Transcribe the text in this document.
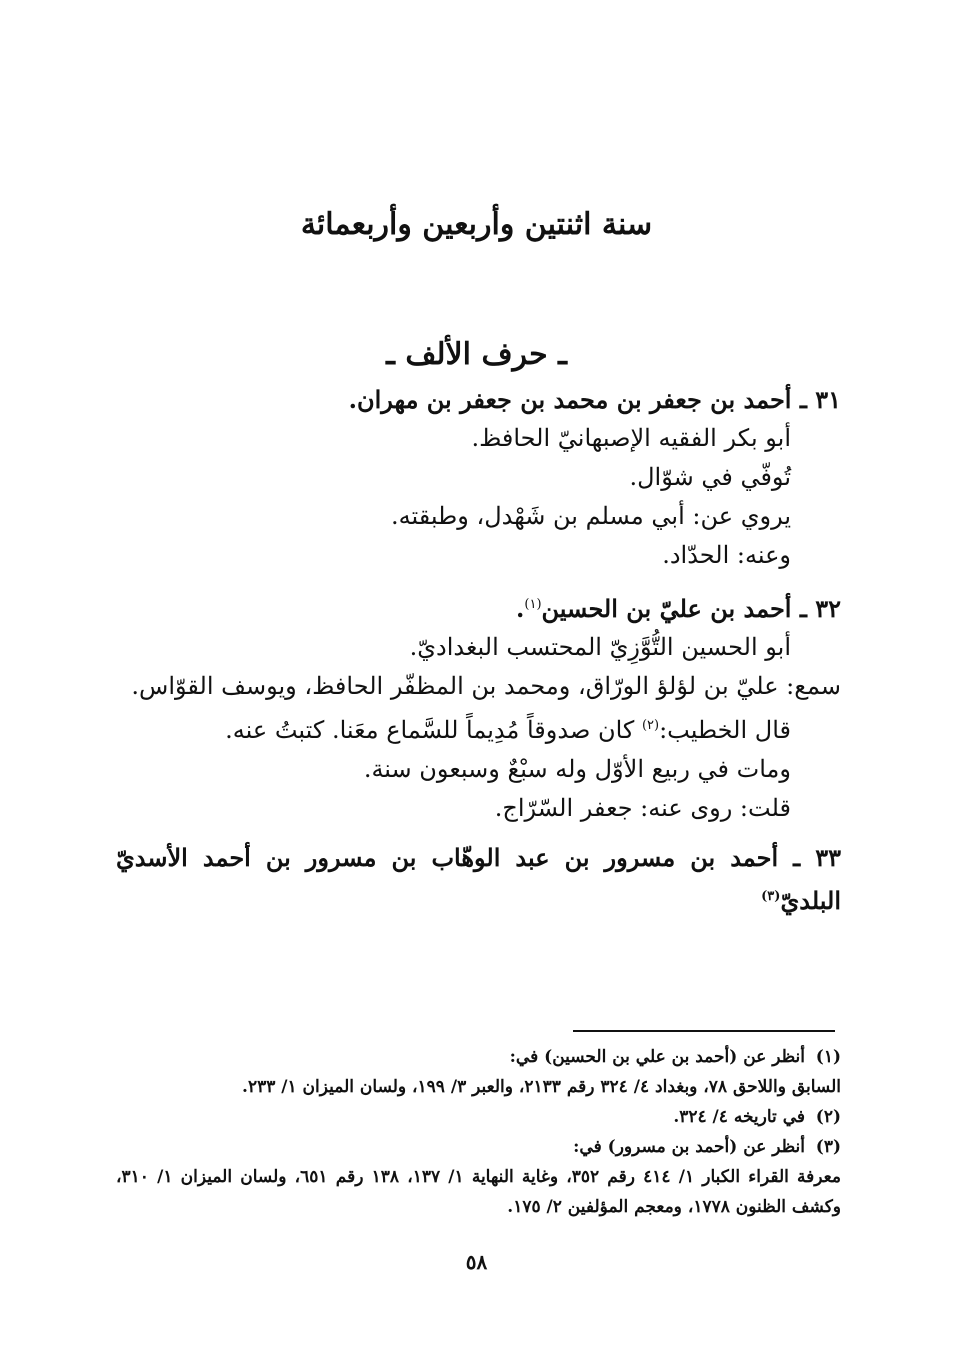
سنة اثنتين وأربعين وأربعمائة
ـ حرف الألف ـ
٣١ ـ أحمد بن جعفر بن محمد بن جعفر بن مهران.
أبو بكر الفقيه الإصبهانيّ الحافظ.
تُوفّي في شوّال.
يروي عن: أبي مسلم بن شَهْدل، وطبقته.
وعنه: الحدّاد.
٣٢ ـ أحمد بن عليّ بن الحسين$^{(١)}$.
أبو الحسين التُّوَّزِيّ المحتسب البغداديّ.
سمع: عليّ بن لؤلؤ الورّاق، ومحمد بن المظفّر الحافظ، ويوسف القوّاس.
قال الخطيب:$^{(٢)}$ كان صدوقاً مُدِيماً للسَّماع معَنا. كتبتُ عنه.
ومات في ربيع الأوّل وله سبْعٌ وسبعون سنة.
قلت: روى عنه: جعفر السّرّاج.
٣٣ ـ أحمد بن مسرور بن عبد الوهّاب بن مسرور بن أحمد الأسديّ البلديّ$^{(٣)}$
(١)أنظر عن (أحمد بن علي بن الحسين) في:
السابق واللاحق ٧٨، وبغداد ٤/ ٣٢٤ رقم ٢١٣٣، والعبر ٣/ ١٩٩، ولسان الميزان ١/ ٢٣٣.
(٢)في تاريخه ٤/ ٣٢٤.
(٣)أنظر عن (أحمد بن مسرور) في:
معرفة القراء الكبار ١/ ٤١٤ رقم ٣٥٢، وغاية النهاية ١/ ١٣٧، ١٣٨ رقم ٦٥١، ولسان الميزان ١/ ٣١٠، وكشف الظنون ١٧٧٨، ومعجم المؤلفين ٢/ ١٧٥.
٥٨
